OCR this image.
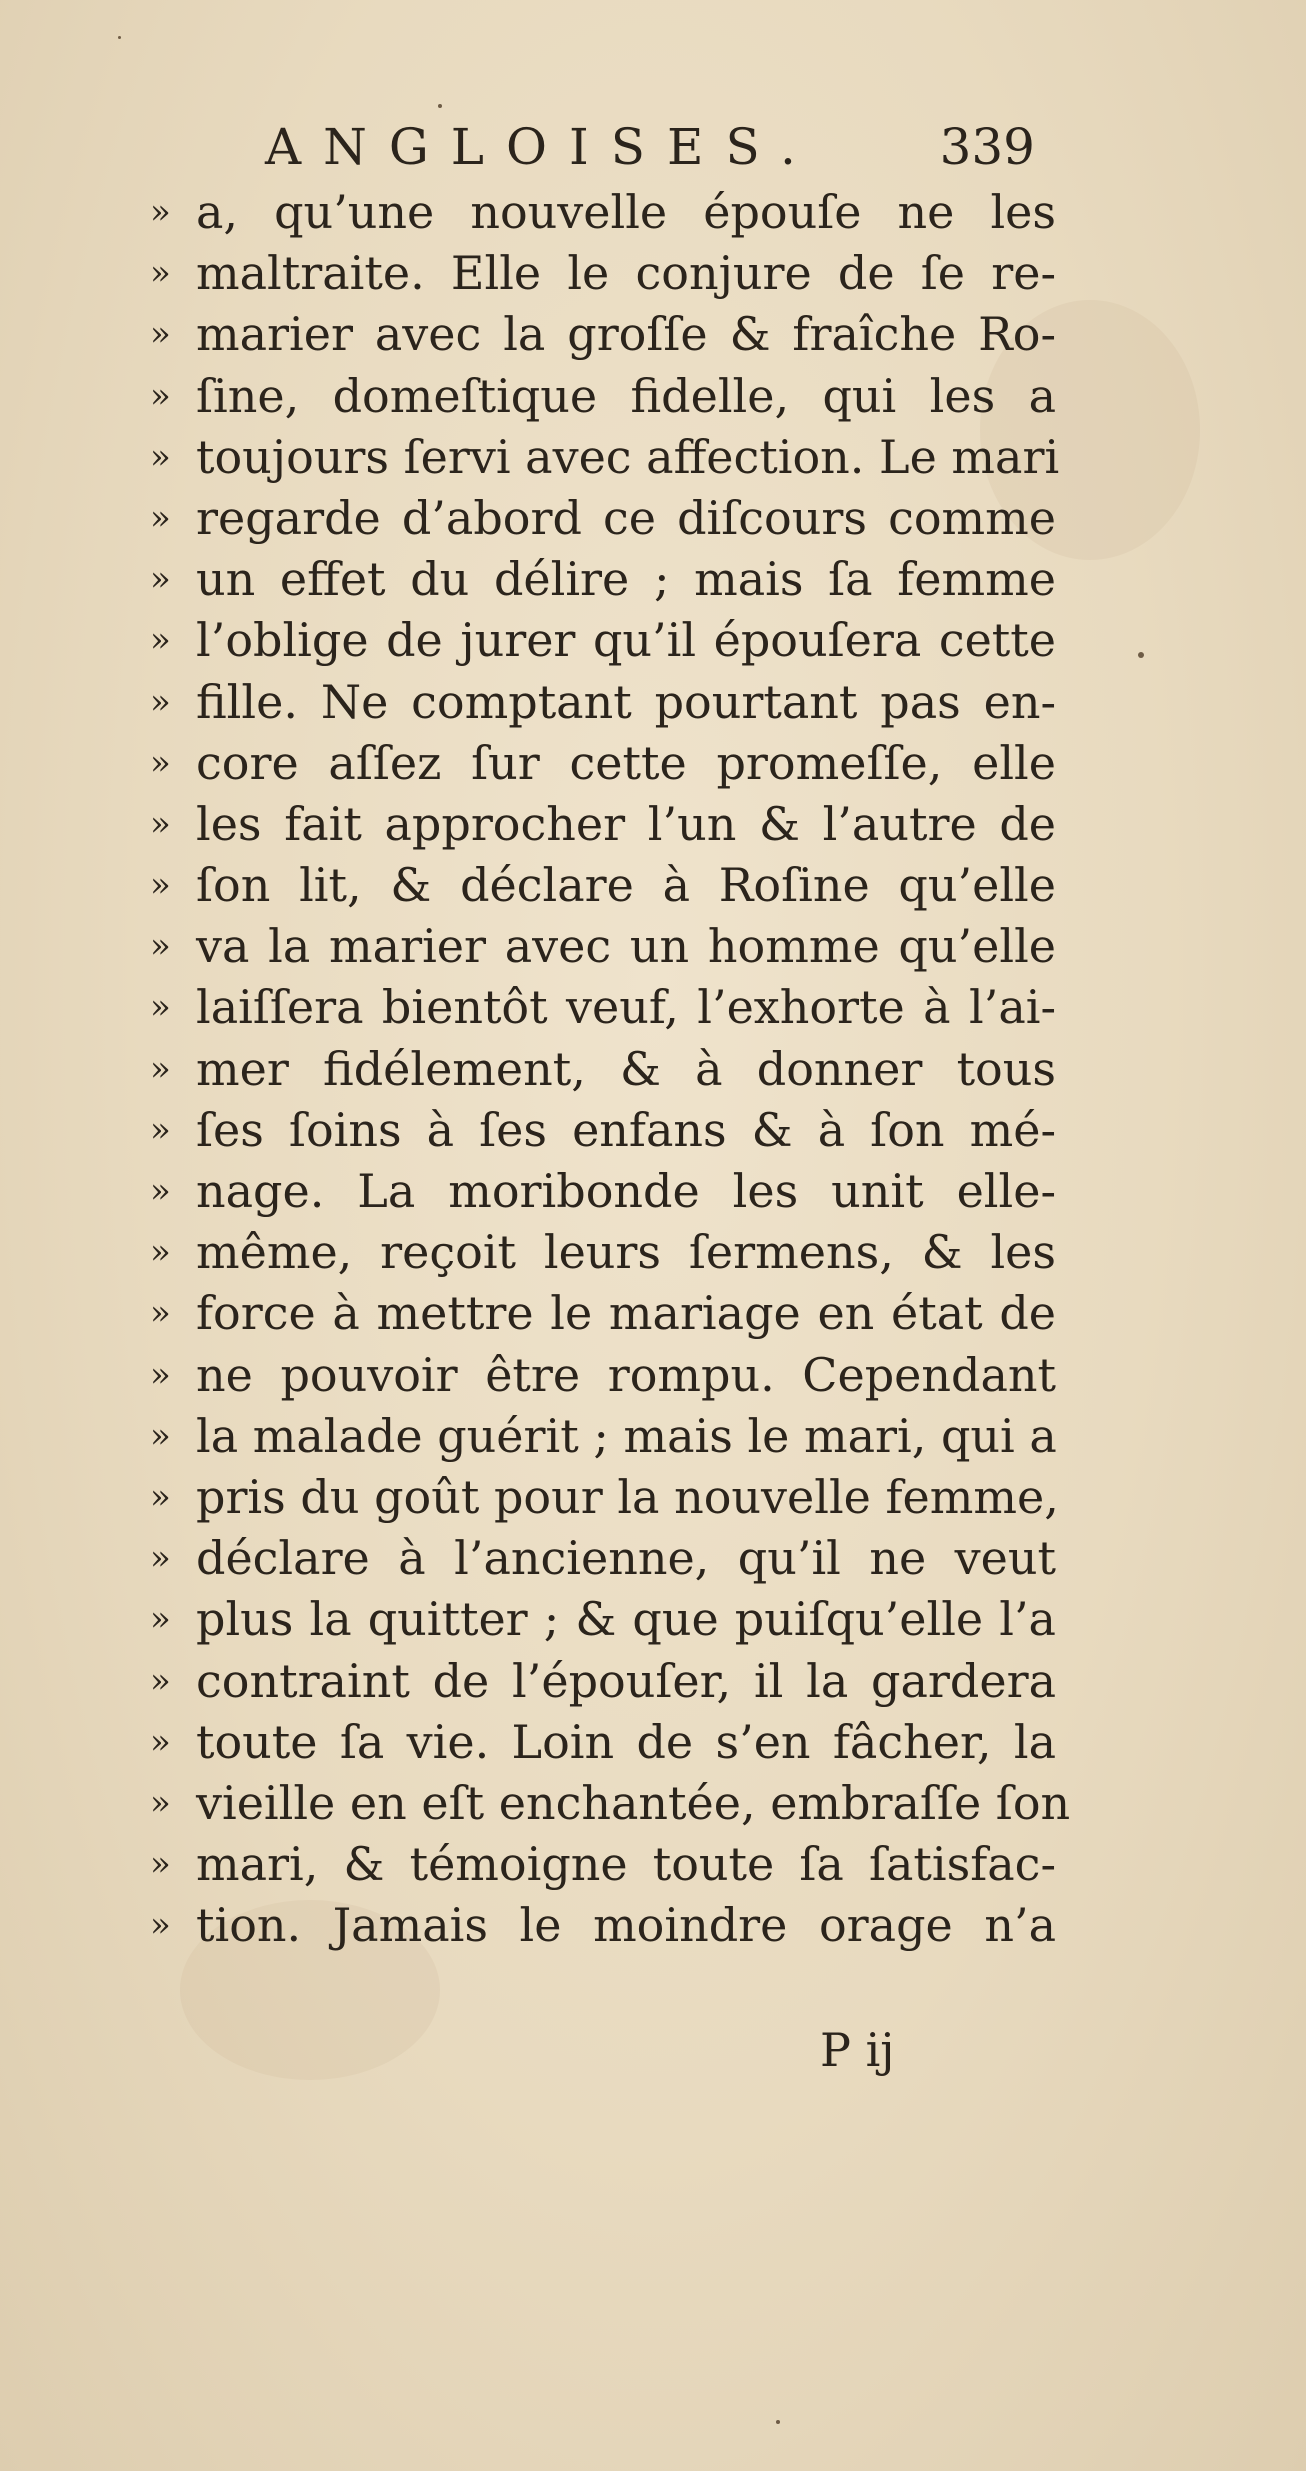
ANGLOISES. 339
» a, qu’une nouvelle épouſe ne les
» maltraite. Elle le conjure de ſe re-
» marier avec la groſſe & fraîche Ro-
» ſine, domeſtique fidelle, qui les a
» toujours ſervi avec affection. Le mari
» regarde d’abord ce diſcours comme
» un effet du délire ; mais ſa femme
» l’oblige de jurer qu’il épouſera cette
» fille. Ne comptant pourtant pas en-
» core aſſez ſur cette promeſſe, elle
» les fait approcher l’un & l’autre de
» ſon lit, & déclare à Roſine qu’elle
» va la marier avec un homme qu’elle
» laiſſera bientôt veuf, l’exhorte à l’ai-
» mer fidélement, & à donner tous
» ſes ſoins à ſes enfans & à ſon mé-
» nage. La moribonde les unit elle-
» même, reçoit leurs ſermens, & les
» force à mettre le mariage en état de
» ne pouvoir être rompu. Cependant
» la malade guérit ; mais le mari, qui a
» pris du goût pour la nouvelle femme,
» déclare à l’ancienne, qu’il ne veut
» plus la quitter ; & que puiſqu’elle l’a
» contraint de l’épouſer, il la gardera
» toute ſa vie. Loin de s’en fâcher, la
» vieille en eſt enchantée, embraſſe ſon
» mari, & témoigne toute ſa ſatisfac-
» tion. Jamais le moindre orage n’a
P ij
